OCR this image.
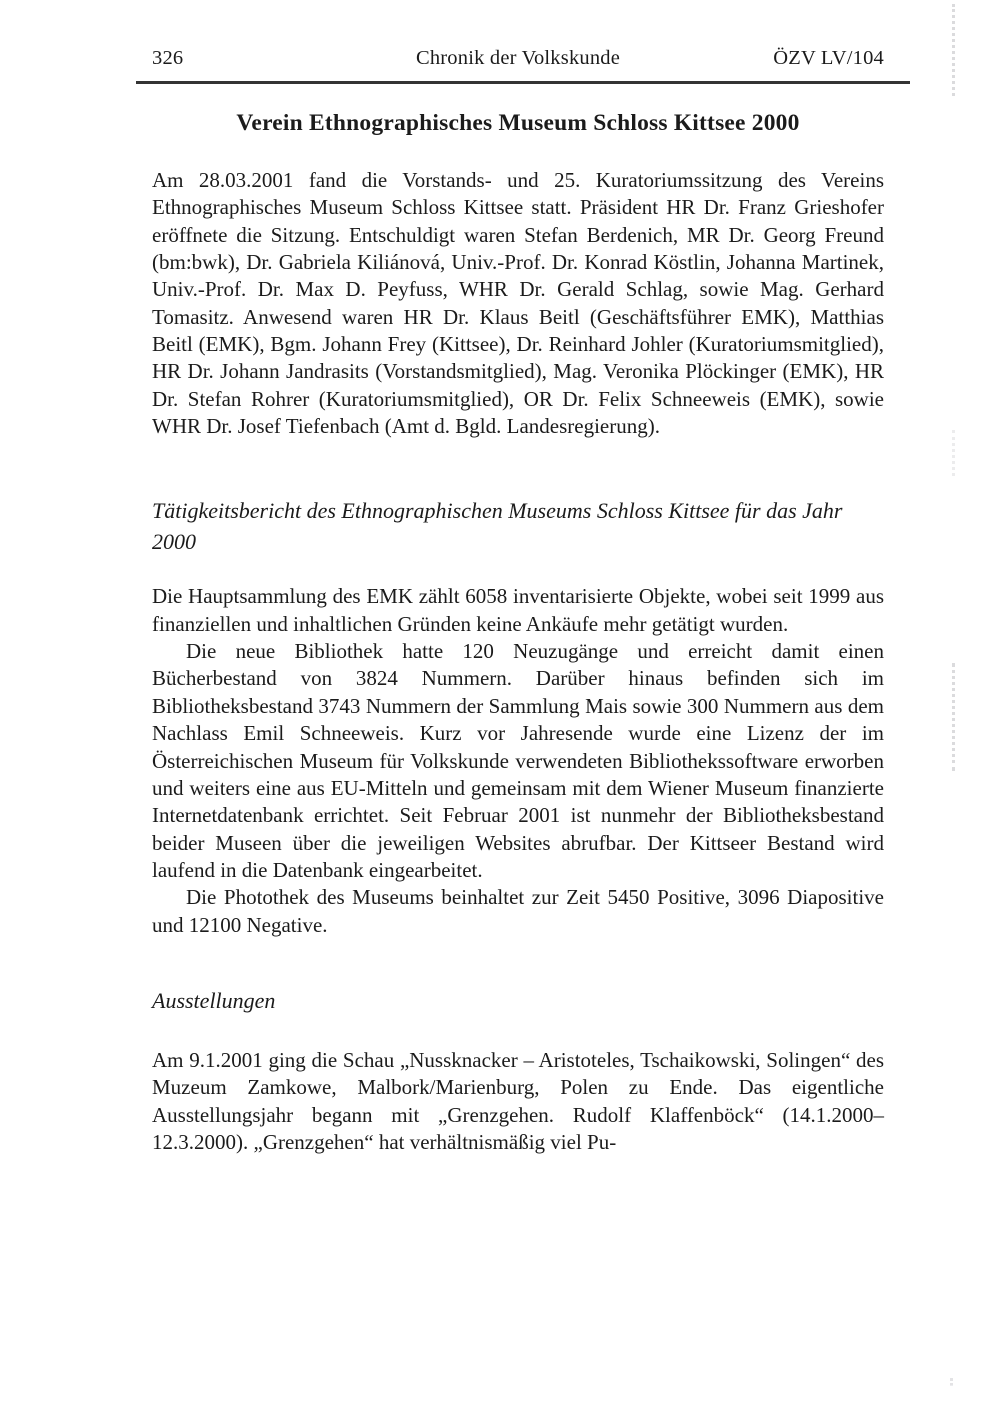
326	Chronik der Volkskunde	ÖZV LV/104
Verein Ethnographisches Museum Schloss Kittsee 2000

Am 28.03.2001 fand die Vorstands- und 25. Kuratoriumssitzung des Vereins Ethnographisches Museum Schloss Kittsee statt. Präsident HR Dr. Franz Grieshofer eröffnete die Sitzung. Entschuldigt waren Stefan Berdenich, MR Dr. Georg Freund (bm:bwk), Dr. Gabriela Kiliánová, Univ.-Prof. Dr. Konrad Köstlin, Johanna Martinek, Univ.-Prof. Dr. Max D. Peyfuss, WHR Dr. Gerald Schlag, sowie Mag. Gerhard Tomasitz. Anwesend waren HR Dr. Klaus Beitl (Geschäftsführer EMK), Matthias Beitl (EMK), Bgm. Johann Frey (Kittsee), Dr. Reinhard Johler (Kuratoriumsmitglied), HR Dr. Johann Jandrasits (Vorstandsmitglied), Mag. Veronika Plöckinger (EMK), HR Dr. Stefan Rohrer (Kuratoriumsmitglied), OR Dr. Felix Schneeweis (EMK), sowie WHR Dr. Josef Tiefenbach (Amt d. Bgld. Landesregierung).

Tätigkeitsbericht des Ethnographischen Museums Schloss Kittsee für das Jahr 2000

Die Hauptsammlung des EMK zählt 6058 inventarisierte Objekte, wobei seit 1999 aus finanziellen und inhaltlichen Gründen keine Ankäufe mehr getätigt wurden.

Die neue Bibliothek hatte 120 Neuzugänge und erreicht damit einen Bücherbestand von 3824 Nummern. Darüber hinaus befinden sich im Bibliotheksbestand 3743 Nummern der Sammlung Mais sowie 300 Nummern aus dem Nachlass Emil Schneeweis. Kurz vor Jahresende wurde eine Lizenz der im Österreichischen Museum für Volkskunde verwendeten Bibliothekssoftware erworben und weiters eine aus EU-Mitteln und gemeinsam mit dem Wiener Museum finanzierte Internetdatenbank errichtet. Seit Februar 2001 ist nunmehr der Bibliotheksbestand beider Museen über die jeweiligen Websites abrufbar. Der Kittseer Bestand wird laufend in die Datenbank eingearbeitet.

Die Photothek des Museums beinhaltet zur Zeit 5450 Positive, 3096 Diapositive und 12100 Negative.

Ausstellungen

Am 9.1.2001 ging die Schau „Nussknacker – Aristoteles, Tschaikowski, Solingen“ des Muzeum Zamkowe, Malbork/Marienburg, Polen zu Ende. Das eigentliche Ausstellungsjahr begann mit „Grenzgehen. Rudolf Klaffenböck“ (14.1.2000–12.3.2000). „Grenzgehen“ hat verhältnismäßig viel Pu-
